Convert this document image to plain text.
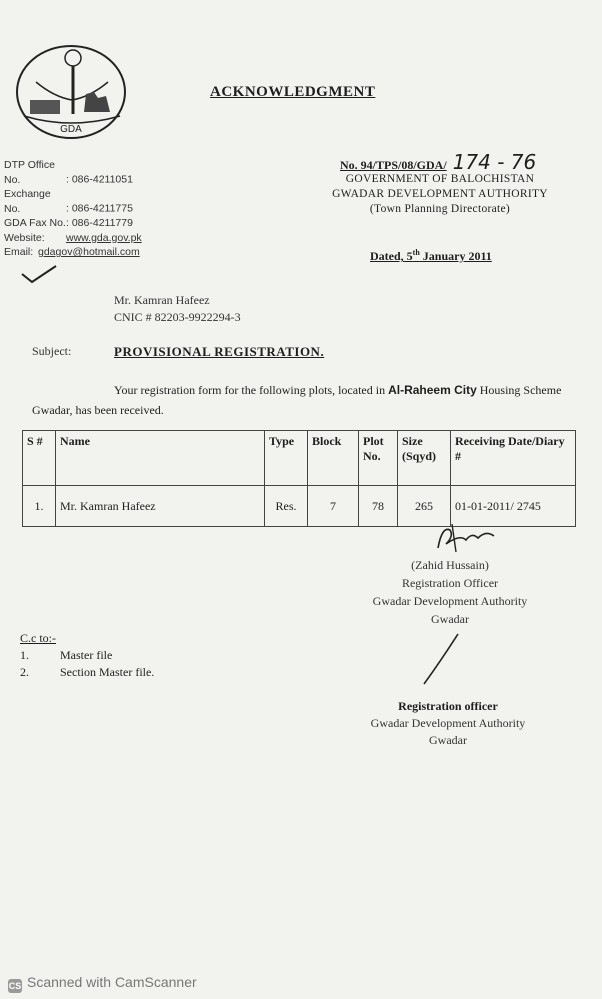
GDA
ACKNOWLEDGMENT
DTP Office No.	: 086-4211051
Exchange No.	: 086-4211775
GDA Fax No.: 086-4211779
Website: www.gda.gov.pk
Email: gdagov@hotmail.com
No. 94/TPS/08/GDA/ 174 - 76
GOVERNMENT OF BALOCHISTAN
GWADAR DEVELOPMENT AUTHORITY
(Town Planning Directorate)
Dated, 5th January 2011
Mr. Kamran Hafeez
CNIC # 82203-9922294-3
Subject:	PROVISIONAL REGISTRATION.
Your registration form for the following plots, located in Al-Raheem City Housing Scheme Gwadar, has been received.
S #	Name	Type	Block	Plot No.	Size (Sqyd)	Receiving Date/Diary #
1.	Mr. Kamran Hafeez	Res.	7	78	265	01-01-2011/ 2745
(Zahid Hussain)
Registration Officer
Gwadar Development Authority
Gwadar
C.c to:-
1.	Master file
2.	Section Master file.
Registration officer
Gwadar Development Authority
Gwadar
CS Scanned with CamScanner
